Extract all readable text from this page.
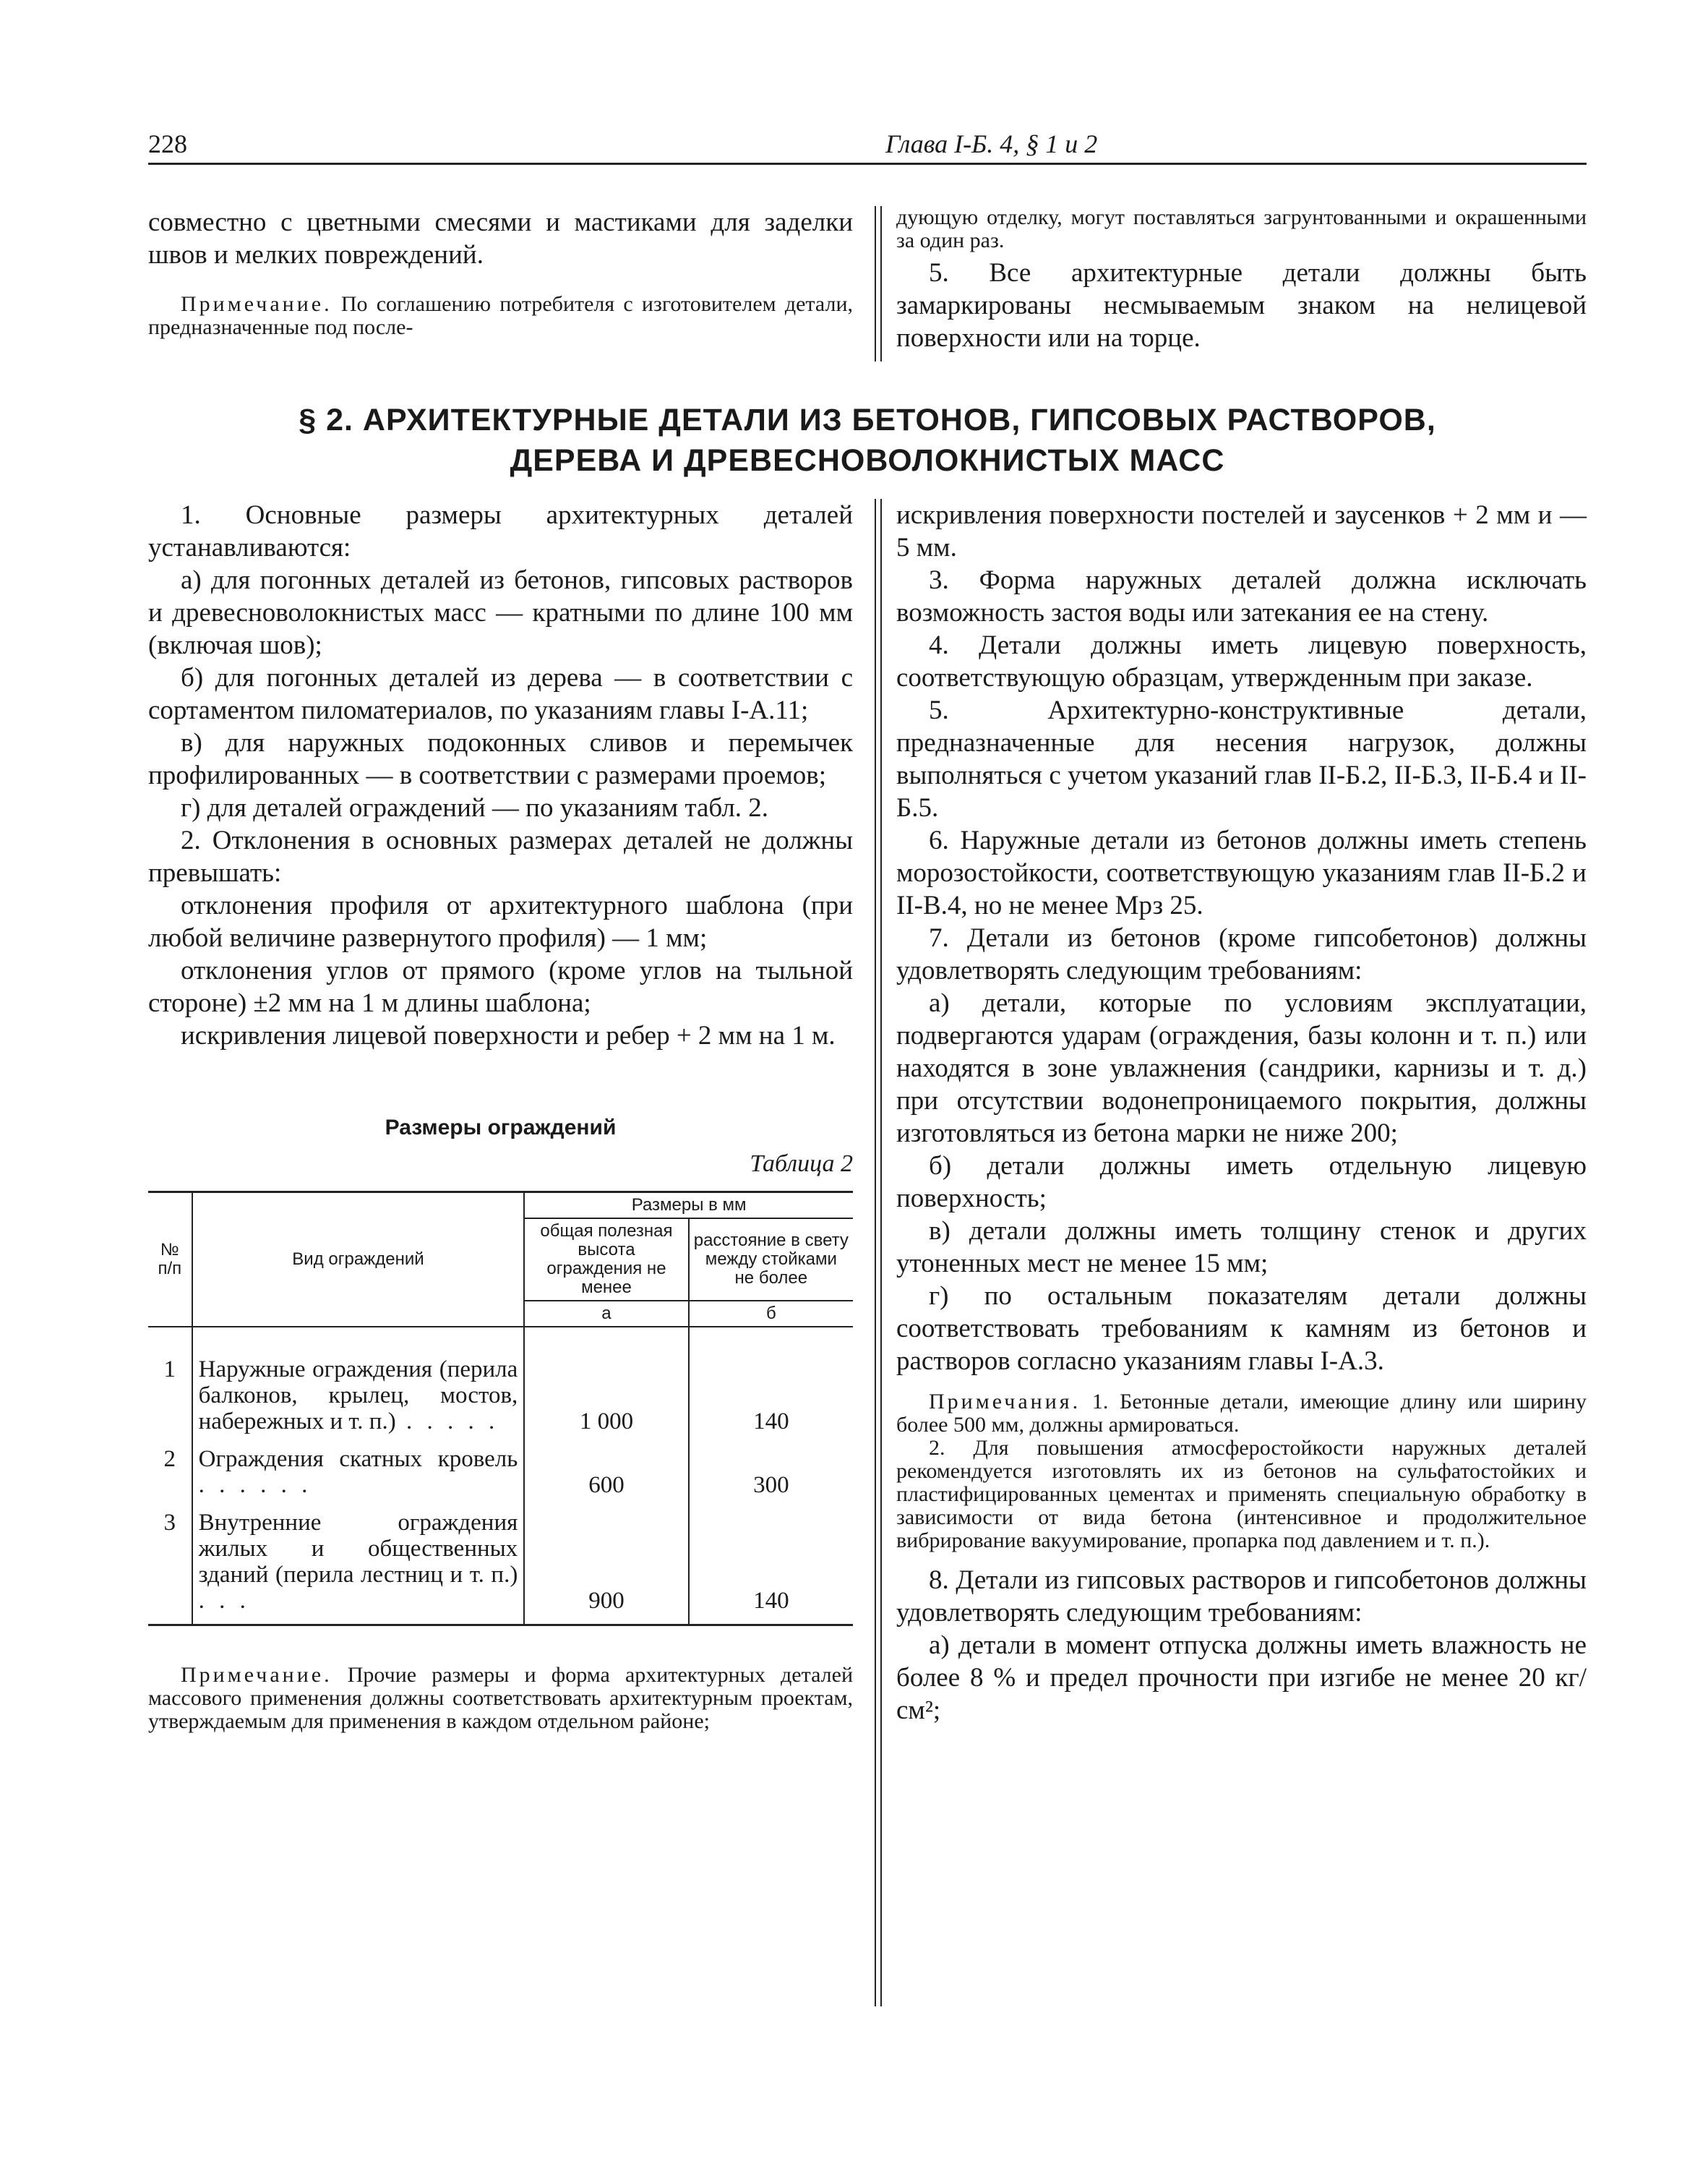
228	Глава I-Б. 4, § 1 и 2

совместно с цветными смесями и мастиками для заделки швов и мелких повреждений.

Примечание. По соглашению потребителя с изготовителем детали, предназначенные под после-

дующую отделку, могут поставляться загрунтованными и окрашенными за один раз.

5. Все архитектурные детали должны быть замаркированы несмываемым знаком на нелицевой поверхности или на торце.

§ 2. АРХИТЕКТУРНЫЕ ДЕТАЛИ ИЗ БЕТОНОВ, ГИПСОВЫХ РАСТВОРОВ,
ДЕРЕВА И ДРЕВЕСНОВОЛОКНИСТЫХ МАСС

1. Основные размеры архитектурных деталей устанавливаются:

а) для погонных деталей из бетонов, гипсовых растворов и древесноволокнистых масс — кратными по длине 100 мм (включая шов);

б) для погонных деталей из дерева — в соответствии с сортаментом пиломатериалов, по указаниям главы I-А.11;

в) для наружных подоконных сливов и перемычек профилированных — в соответствии с размерами проемов;

г) для деталей ограждений — по указаниям табл. 2.

2. Отклонения в основных размерах деталей не должны превышать:

отклонения профиля от архитектурного шаблона (при любой величине развернутого профиля) — 1 мм;

отклонения углов от прямого (кроме углов на тыльной стороне) ±2 мм на 1 м длины шаблона;

искривления лицевой поверхности и ребер + 2 мм на 1 м.

Размеры ограждений
Таблица 2
№ п/п	Вид ограждений	Размеры в мм	
		общая полезная высота ограждения не менее	расстояние в свету между стойками не более
		а	б
1	Наружные ограждения (перила балконов, крылец, мостов, набережных и т. п.) . . . . .	1 000	140
2	Ограждения скатных кровель . . . . . .	600	300
3	Внутренние ограждения жилых и общественных зданий (перила лестниц и т. п.) . . .	900	140

Примечание. Прочие размеры и форма архитектурных деталей массового применения должны соответствовать архитектурным проектам, утверждаемым для применения в каждом отдельном районе;

искривления поверхности постелей и заусенков + 2 мм и — 5 мм.

3. Форма наружных деталей должна исключать возможность застоя воды или затекания ее на стену.

4. Детали должны иметь лицевую поверхность, соответствующую образцам, утвержденным при заказе.

5. Архитектурно-конструктивные детали, предназначенные для несения нагрузок, должны выполняться с учетом указаний глав II-Б.2, II-Б.3, II-Б.4 и II-Б.5.

6. Наружные детали из бетонов должны иметь степень морозостойкости, соответствующую указаниям глав II-Б.2 и II-В.4, но не менее Мрз 25.

7. Детали из бетонов (кроме гипсобетонов) должны удовлетворять следующим требованиям:

а) детали, которые по условиям эксплуатации, подвергаются ударам (ограждения, базы колонн и т. п.) или находятся в зоне увлажнения (сандрики, карнизы и т. д.) при отсутствии водонепроницаемого покрытия, должны изготовляться из бетона марки не ниже 200;

б) детали должны иметь отдельную лицевую поверхность;

в) детали должны иметь толщину стенок и других утоненных мест не менее 15 мм;

г) по остальным показателям детали должны соответствовать требованиям к камням из бетонов и растворов согласно указаниям главы I-А.3.

Примечания. 1. Бетонные детали, имеющие длину или ширину более 500 мм, должны армироваться.

2. Для повышения атмосферостойкости наружных деталей рекомендуется изготовлять их из бетонов на сульфатостойких и пластифицированных цементах и применять специальную обработку в зависимости от вида бетона (интенсивное и продолжительное вибрирование вакуумирование, пропарка под давлением и т. п.).

8. Детали из гипсовых растворов и гипсобетонов должны удовлетворять следующим требованиям:

а) детали в момент отпуска должны иметь влажность не более 8 % и предел прочности при изгибе не менее 20 кг/см²;
